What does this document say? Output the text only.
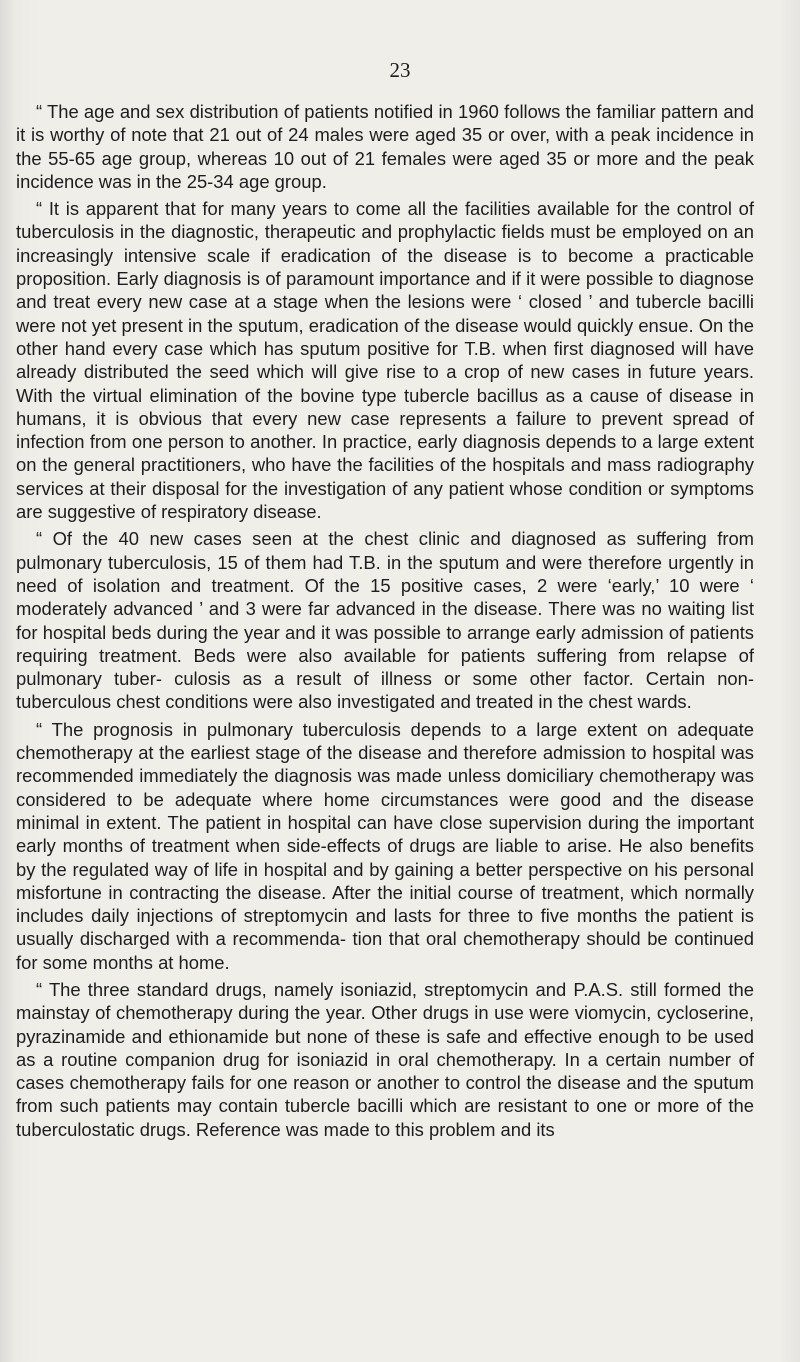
23

“ The age and sex distribution of patients notified in 1960 follows the familiar pattern and it is worthy of note that 21 out of 24 males were aged 35 or over, with a peak incidence in the 55-65 age group, whereas 10 out of 21 females were aged 35 or more and the peak incidence was in the 25-34 age group.

“ It is apparent that for many years to come all the facilities available for the control of tuberculosis in the diagnostic, therapeutic and prophylactic fields must be employed on an increasingly intensive scale if eradication of the disease is to become a practicable proposition. Early diagnosis is of paramount importance and if it were possible to diagnose and treat every new case at a stage when the lesions were ‘ closed ’ and tubercle bacilli were not yet present in the sputum, eradication of the disease would quickly ensue. On the other hand every case which has sputum positive for T.B. when first diagnosed will have already distributed the seed which will give rise to a crop of new cases in future years. With the virtual elimination of the bovine type tubercle bacillus as a cause of disease in humans, it is obvious that every new case represents a failure to prevent spread of infection from one person to another. In practice, early diagnosis depends to a large extent on the general practitioners, who have the facilities of the hospitals and mass radiography services at their disposal for the investigation of any patient whose condition or symptoms are suggestive of respiratory disease.

“ Of the 40 new cases seen at the chest clinic and diagnosed as suffering from pulmonary tuberculosis, 15 of them had T.B. in the sputum and were therefore urgently in need of isolation and treatment. Of the 15 positive cases, 2 were ‘early,’ 10 were ‘ moderately advanced ’ and 3 were far advanced in the disease. There was no waiting list for hospital beds during the year and it was possible to arrange early admission of patients requiring treatment. Beds were also available for patients suffering from relapse of pulmonary tuber- culosis as a result of illness or some other factor. Certain non-tuberculous chest conditions were also investigated and treated in the chest wards.

“ The prognosis in pulmonary tuberculosis depends to a large extent on adequate chemotherapy at the earliest stage of the disease and therefore admission to hospital was recommended immediately the diagnosis was made unless domiciliary chemotherapy was considered to be adequate where home circumstances were good and the disease minimal in extent. The patient in hospital can have close supervision during the important early months of treatment when side-effects of drugs are liable to arise. He also benefits by the regulated way of life in hospital and by gaining a better perspective on his personal misfortune in contracting the disease. After the initial course of treatment, which normally includes daily injections of streptomycin and lasts for three to five months the patient is usually discharged with a recommenda- tion that oral chemotherapy should be continued for some months at home.

“ The three standard drugs, namely isoniazid, streptomycin and P.A.S. still formed the mainstay of chemotherapy during the year. Other drugs in use were viomycin, cycloserine, pyrazinamide and ethionamide but none of these is safe and effective enough to be used as a routine companion drug for isoniazid in oral chemotherapy. In a certain number of cases chemotherapy fails for one reason or another to control the disease and the sputum from such patients may contain tubercle bacilli which are resistant to one or more of the tuberculostatic drugs. Reference was made to this problem and its
